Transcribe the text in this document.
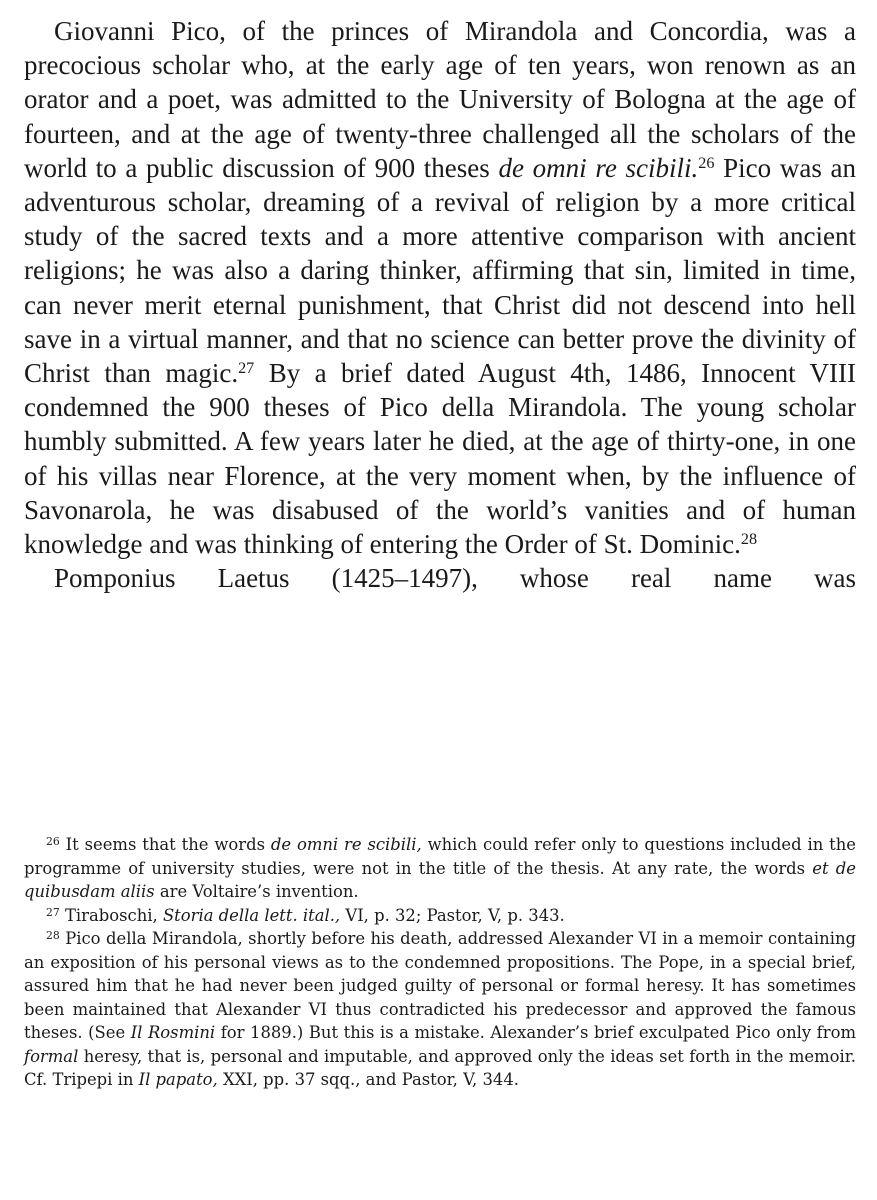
Giovanni Pico, of the princes of Mirandola and Concordia, was a precocious scholar who, at the early age of ten years, won renown as an orator and a poet, was admitted to the University of Bologna at the age of fourteen, and at the age of twenty-three challenged all the scholars of the world to a public discussion of 900 theses de omni re scibili.$^{26}$ Pico was an adventurous scholar, dreaming of a revival of religion by a more critical study of the sacred texts and a more attentive comparison with ancient religions; he was also a daring thinker, affirming that sin, limited in time, can never merit eternal punishment, that Christ did not descend into hell save in a virtual manner, and that no science can better prove the divinity of Christ than magic.$^{27}$ By a brief dated August 4th, 1486, Innocent VIII condemned the 900 theses of Pico della Mirandola. The young scholar humbly submitted. A few years later he died, at the age of thirty-one, in one of his villas near Florence, at the very moment when, by the influence of Savonarola, he was disabused of the world’s vanities and of human knowledge and was thinking of entering the Order of St. Dominic.$^{28}$

Pomponius Laetus (1425–1497), whose real name was

$^{26}$ It seems that the words de omni re scibili, which could refer only to questions included in the programme of university studies, were not in the title of the thesis. At any rate, the words et de quibusdam aliis are Voltaire’s invention.

$^{27}$ Tiraboschi, Storia della lett. ital., VI, p. 32; Pastor, V, p. 343.

$^{28}$ Pico della Mirandola, shortly before his death, addressed Alexander VI in a memoir containing an exposition of his personal views as to the condemned propositions. The Pope, in a special brief, assured him that he had never been judged guilty of personal or formal heresy. It has sometimes been maintained that Alexander VI thus contradicted his predecessor and approved the famous theses. (See Il Rosmini for 1889.) But this is a mistake. Alexander’s brief exculpated Pico only from formal heresy, that is, personal and imputable, and approved only the ideas set forth in the memoir. Cf. Tripepi in Il papato, XXI, pp. 37 sqq., and Pastor, V, 344.
